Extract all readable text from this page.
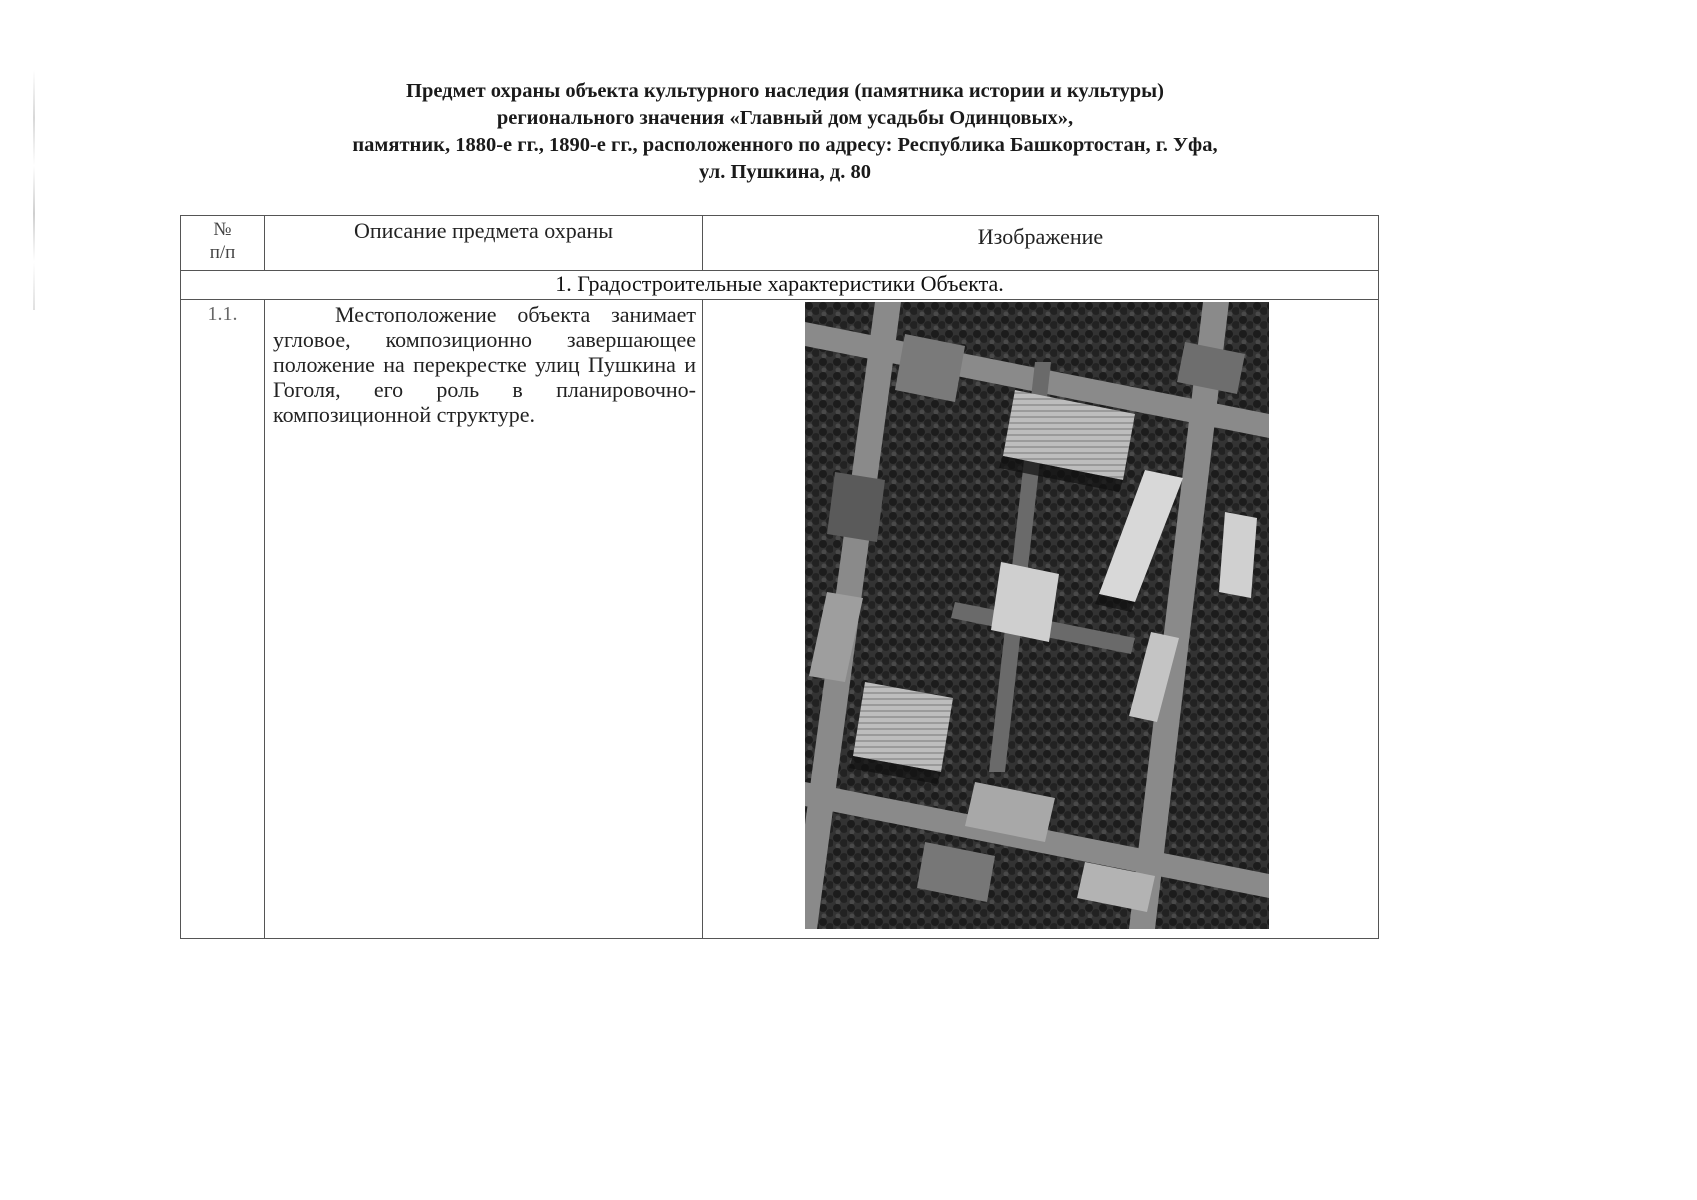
Предмет охраны объекта культурного наследия (памятника истории и культуры)
регионального значения «Главный дом усадьбы Одинцовых»,
памятник, 1880-е гг., 1890-е гг., расположенного по адресу: Республика Башкортостан, г. Уфа,
ул. Пушкина, д. 80
№
п/п	Описание предмета охраны	Изображение
1. Градостроительные характеристики Объекта.		
1.1.	Местоположение объекта занимает угловое, композиционно завершающее положение на перекрестке улиц Пушкина и Гоголя, его роль в планировочно-композиционной структуре.	
